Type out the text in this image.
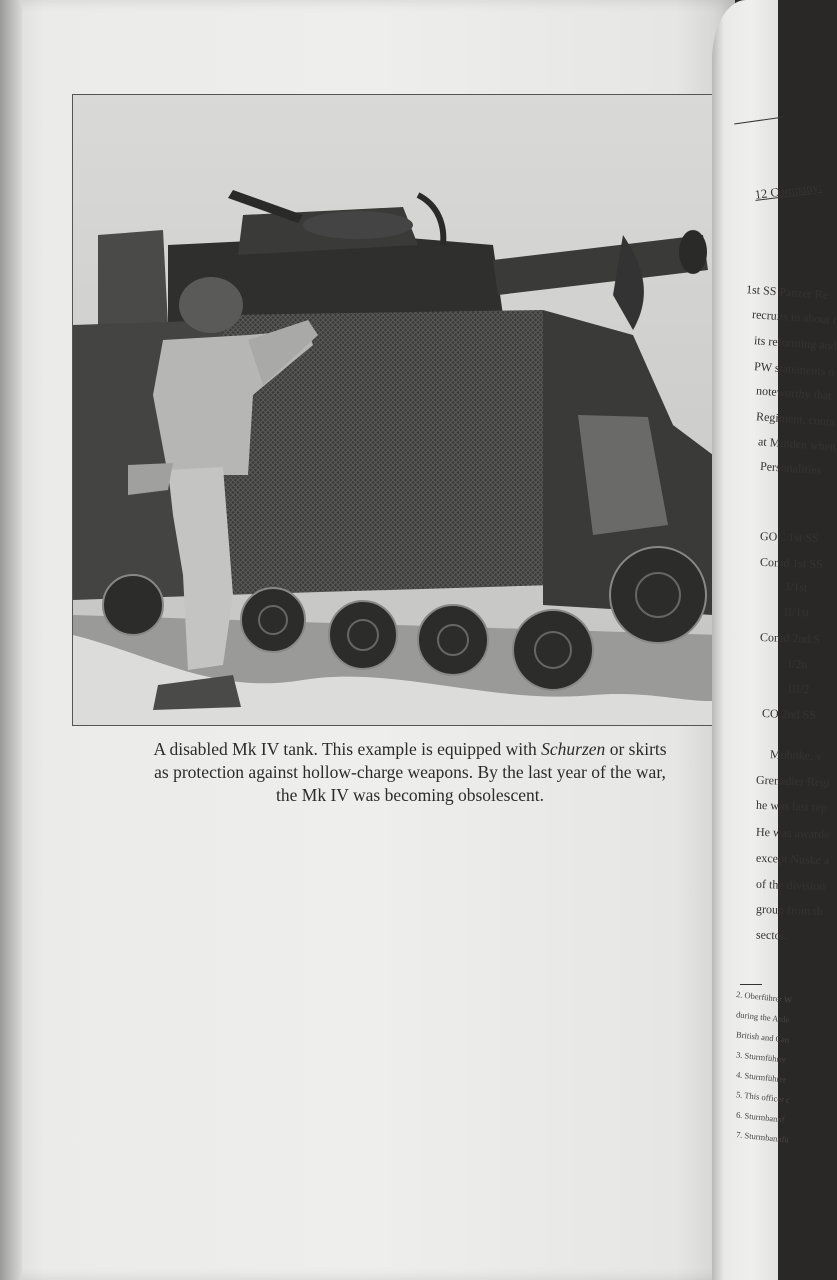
A disabled Mk IV tank. This example is equipped with Schurzen or skirts
as protection against hollow-charge weapons. By the last year of the war,
the Mk IV was becoming obsolescent.
12 Company:
1st SS Panzer Re
recruits in about t
its reforming and
PW statements o
noteworthy that
Regiment, conta
at Minden when
Personalities
GOC 1st SS
Comd 1st SS
I/1st
II/1st
Comd 2nd S
I/2n
III/2
CO 2nd SS
Mohnke, v
Grenadier Regi
he was last rep
He was awarde
except Nuske a
of the division
group from th
sector.
2. Oberführer W
during the Arde
British and Can
3. Sturmführer
4. Sturmführer
5. This officer c
6. Sturmbannf
7. Sturmbannfü
